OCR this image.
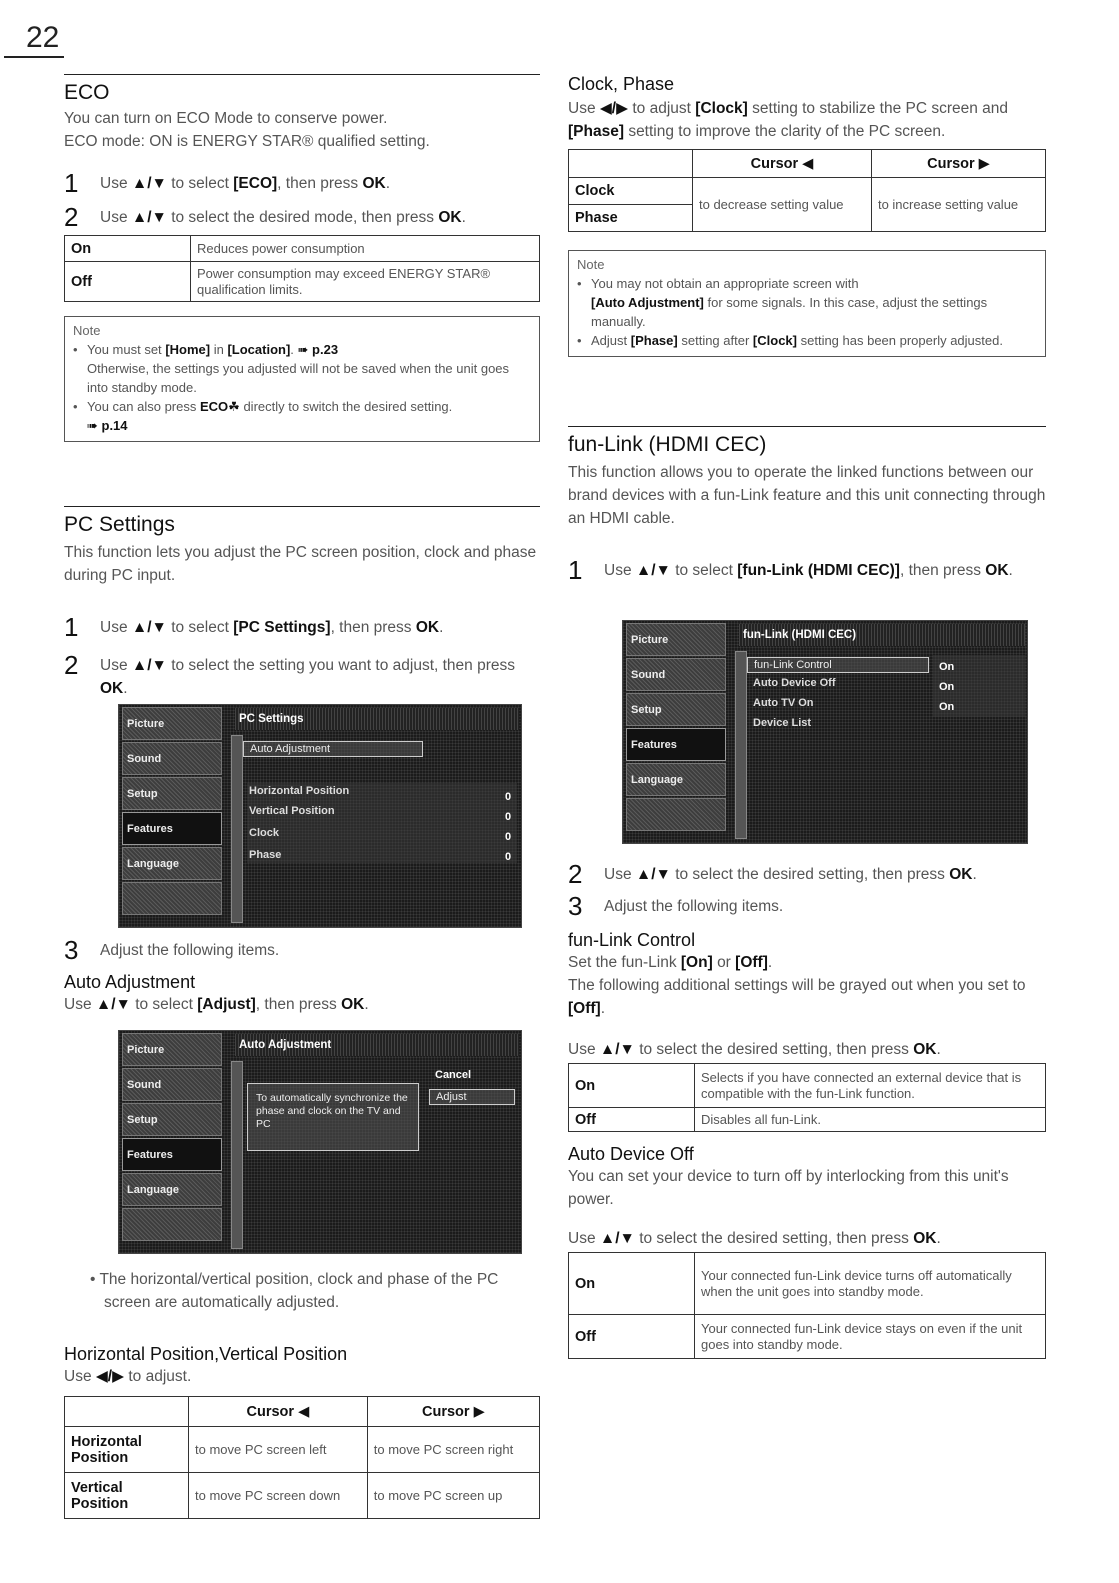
22
ECO

You can turn on ECO Mode to conserve power.

ECO mode: ON is ENERGY STAR® qualified setting.

1	Use ▲/▼ to select [ECO], then press OK.
2	Use ▲/▼ to select the desired mode, then press OK.
On	Reduces power consumption
Off	Power consumption may exceed ENERGY STAR® qualification limits.
Note
• You must set [Home] in [Location]. ➠ p.23
Otherwise, the settings you adjusted will not be saved when the unit goes into standby mode.
• You can also press ECO☘ directly to switch the desired setting.
➠ p.14
PC Settings

This function lets you adjust the PC screen position, clock and phase during PC input.

1	Use ▲/▼ to select [PC Settings], then press OK.
2	Use ▲/▼ to select the setting you want to adjust, then press OK.
Picture
Sound
Setup
Features
Language
PC Settings
Auto Adjustment
Horizontal Position
Vertical Position
Clock
Phase
0
0
0
0
3	Adjust the following items.
Auto Adjustment

Use ▲/▼ to select [Adjust], then press OK.

Picture
Sound
Setup
Features
Language
Auto Adjustment
To automatically synchronize the phase and clock on the TV and PC
Cancel
Adjust

• The horizontal/vertical position, clock and phase of the PC screen are automatically adjusted.

Horizontal Position,Vertical Position

Use ◀/▶ to adjust.

	Cursor ◀	Cursor ▶
Horizontal Position	to move PC screen left	to move PC screen right
Vertical Position	to move PC screen down	to move PC screen up
Clock, Phase

Use ◀/▶ to adjust [Clock] setting to stabilize the PC screen and [Phase] setting to improve the clarity of the PC screen.

	Cursor ◀	Cursor ▶
Clock	to decrease setting value	to increase setting value
Phase		
Note
• You may not obtain an appropriate screen with
[Auto Adjustment] for some signals. In this case, adjust the settings manually.
• Adjust [Phase] setting after [Clock] setting has been properly adjusted.
fun-Link (HDMI CEC)

This function allows you to operate the linked functions between our brand devices with a fun-Link feature and this unit connecting through an HDMI cable.

1	Use ▲/▼ to select [fun-Link (HDMI CEC)], then press OK.
Picture
Sound
Setup
Features
Language
fun-Link (HDMI CEC)
fun-Link Control
Auto Device Off
Auto TV On
Device List
On
On
On
2	Use ▲/▼ to select the desired setting, then press OK.
3	Adjust the following items.
fun-Link Control

Set the fun-Link [On] or [Off].

The following additional settings will be grayed out when you set to [Off].

Use ▲/▼ to select the desired setting, then press OK.

On	Selects if you have connected an external device that is compatible with the fun-Link function.
Off	Disables all fun-Link.
Auto Device Off

You can set your device to turn off by interlocking from this unit's power.

Use ▲/▼ to select the desired setting, then press OK.

On	Your connected fun-Link device turns off automatically when the unit goes into standby mode.
Off	Your connected fun-Link device stays on even if the unit goes into standby mode.
